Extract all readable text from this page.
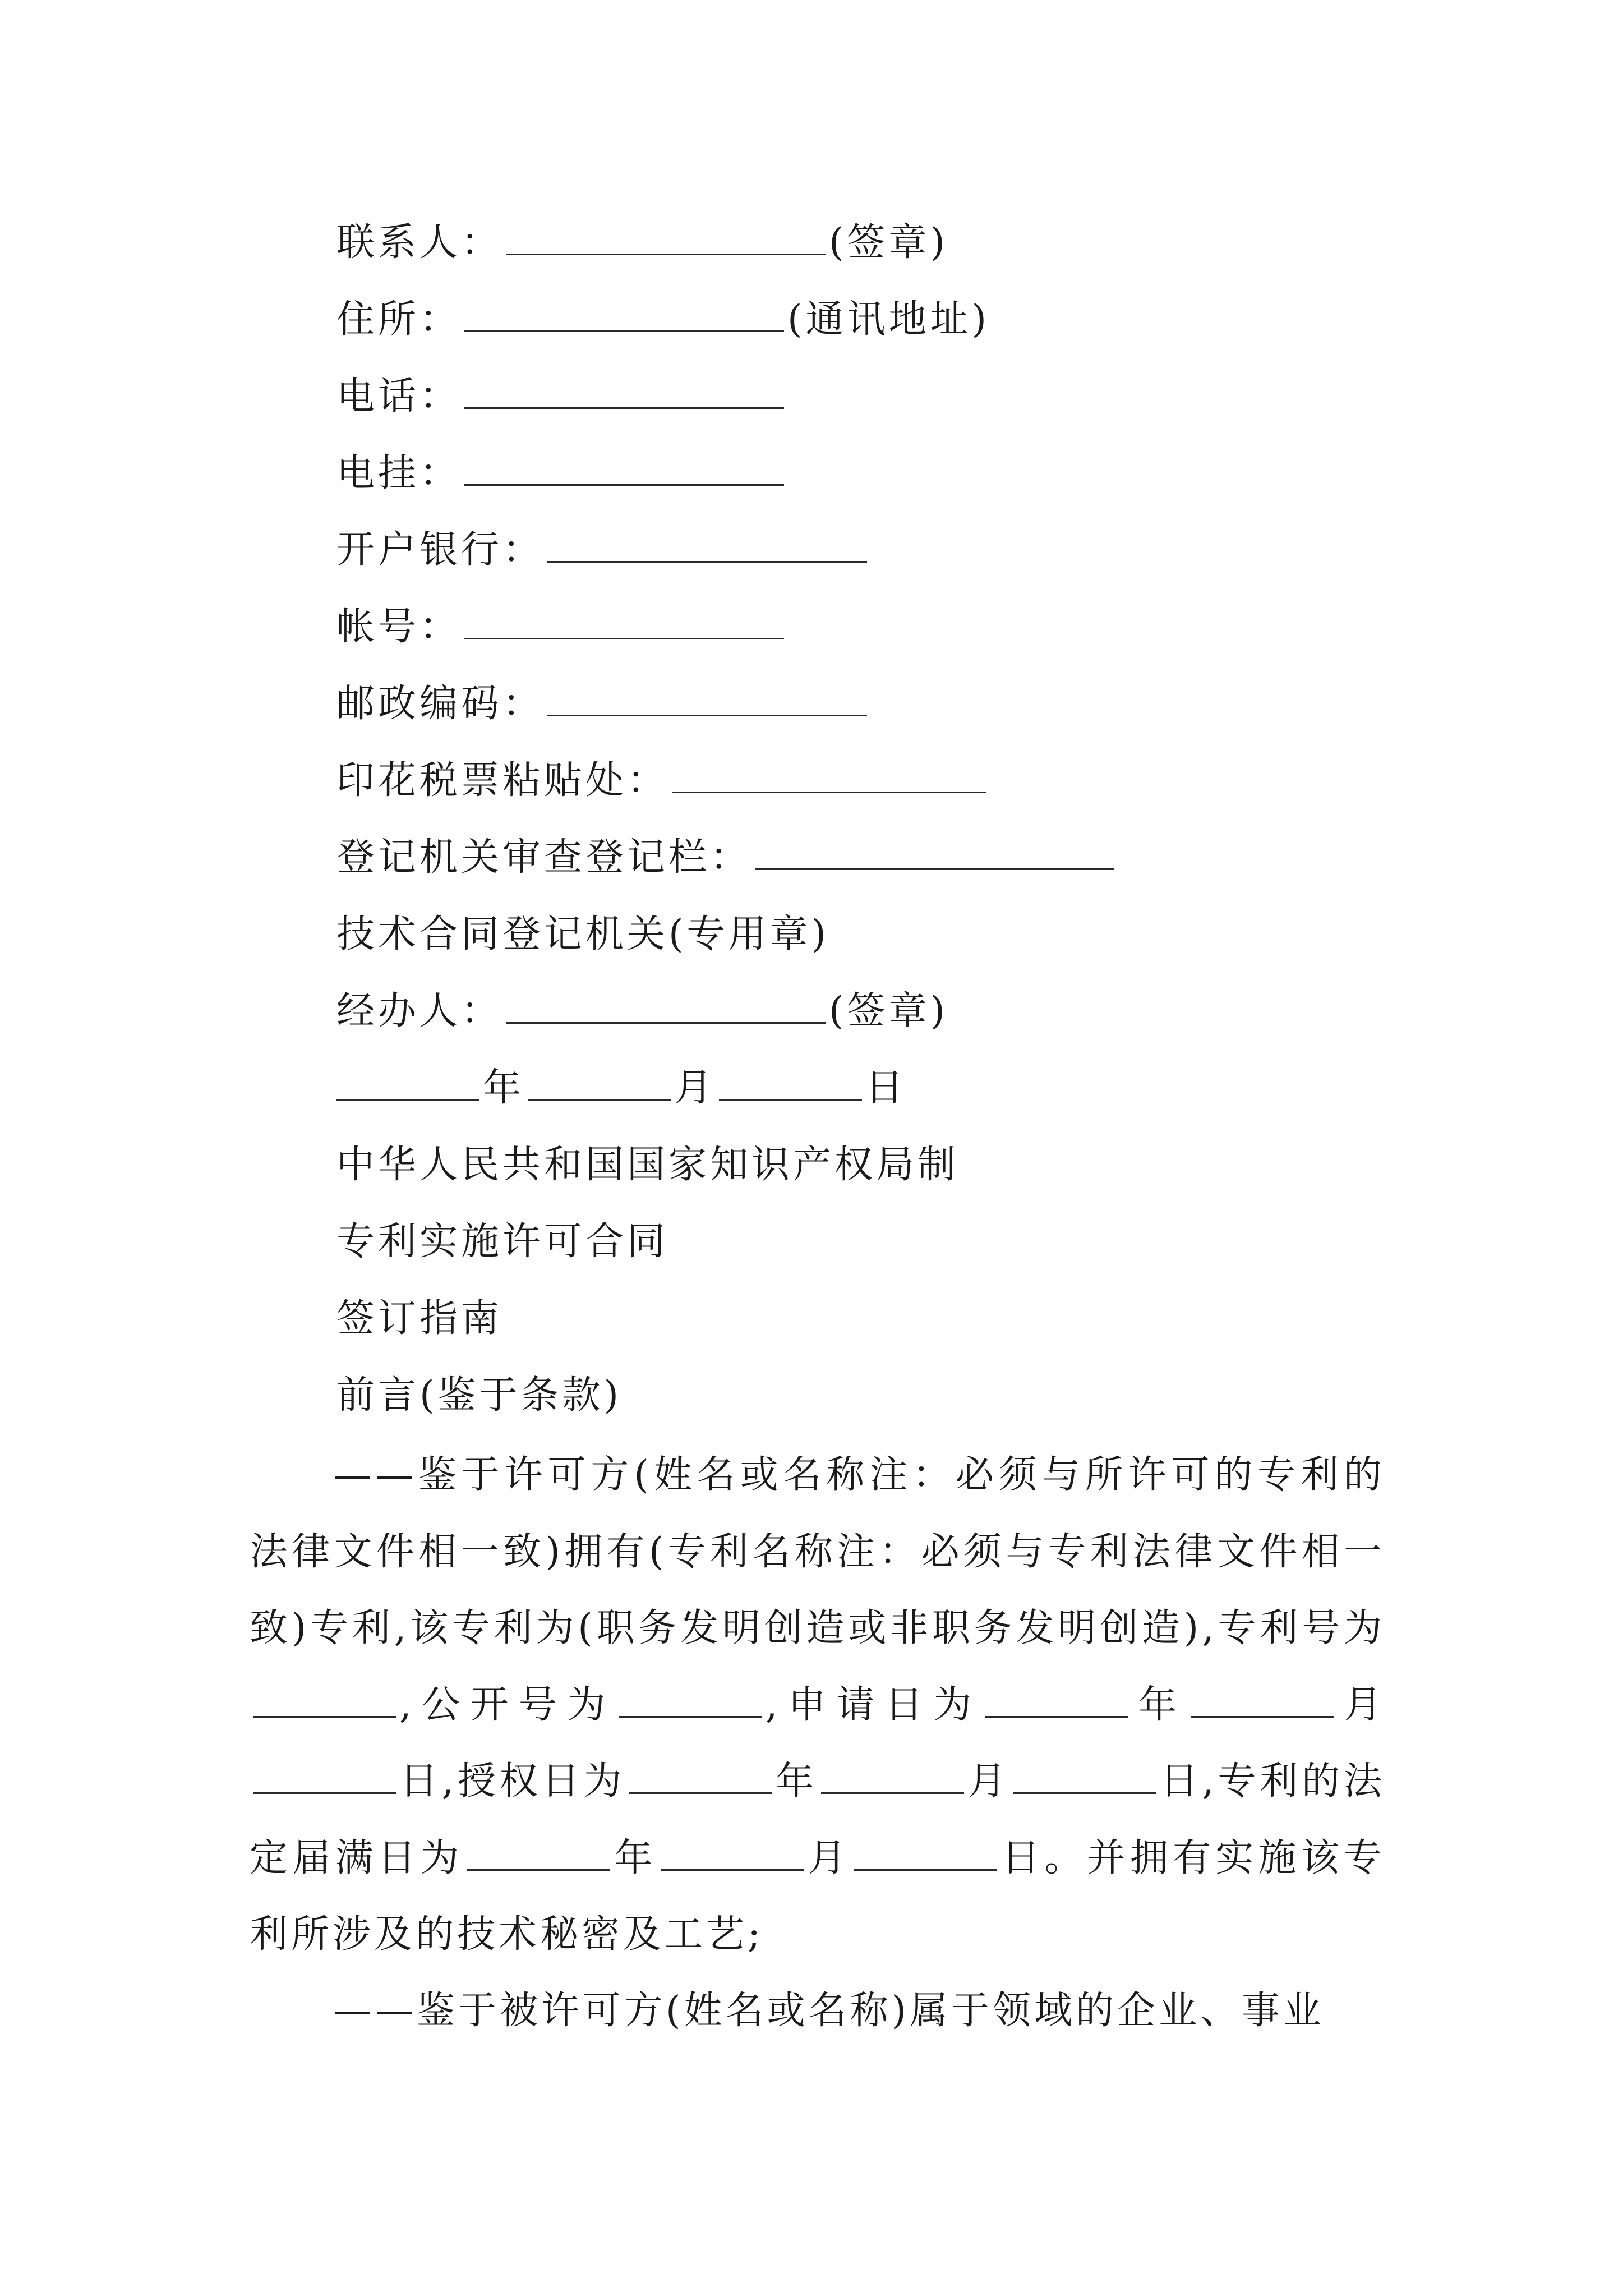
联系人：	(签章)
住所：	(通讯地址)
电话：
电挂：
开户银行：
帐号：
邮政编码：
印花税票粘贴处：
登记机关审查登记栏：
技术合同登记机关(专用章)
经办人：	(签章)
年	月	日
中华人民共和国国家知识产权局制
专利实施许可合同
签订指南
前言(鉴于条款)
——鉴于许可方(姓名或名称注：必须与所许可的专利的法律文件相一致)拥有(专利名称注：必须与专利法律文件相一致)专利,该专利为(职务发明创造或非职务发明创造),专利号为,公开号为	,申请日为	年	月日,授权日为	年	月	日,专利的法定届满日为	年	月	日。并拥有实施该专利所涉及的技术秘密及工艺;
——鉴于被许可方(姓名或名称)属于领域的企业、事业
